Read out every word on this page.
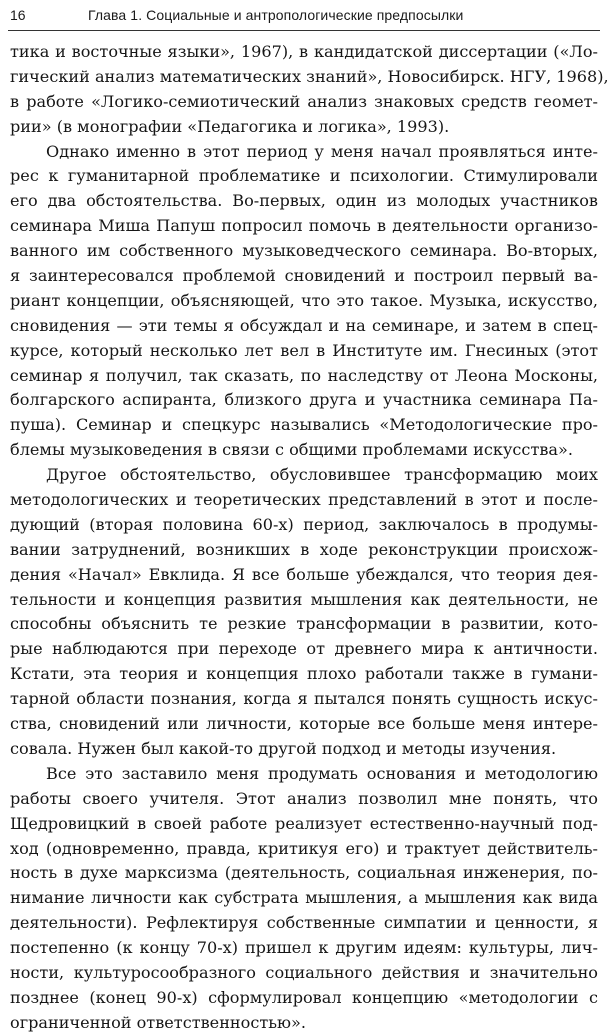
16	Глава 1. Социальные и антропологические предпосылки
тика и восточные языки», 1967), в кандидатской диссертации («Ло-
гический анализ математических знаний», Новосибирск. НГУ, 1968),
в работе «Логико-семиотический анализ знаковых средств геомет-
рии» (в монографии «Педагогика и логика», 1993).
Однако именно в этот период у меня начал проявляться инте-
рес к гуманитарной проблематике и психологии. Стимулировали
его два обстоятельства. Во-первых, один из молодых участников
семинара Миша Папуш попросил помочь в деятельности организо-
ванного им собственного музыковедческого семинара. Во-вторых,
я заинтересовался проблемой сновидений и построил первый ва-
риант концепции, объясняющей, что это такое. Музыка, искусство,
сновидения — эти темы я обсуждал и на семинаре, и затем в спец-
курсе, который несколько лет вел в Институте им. Гнесиных (этот
семинар я получил, так сказать, по наследству от Леона Москоны,
болгарского аспиранта, близкого друга и участника семинара Па-
пуша). Семинар и спецкурс назывались «Методологические про-
блемы музыковедения в связи с общими проблемами искусства».
Другое обстоятельство, обусловившее трансформацию моих
методологических и теоретических представлений в этот и после-
дующий (вторая половина 60-х) период, заключалось в продумы-
вании затруднений, возникших в ходе реконструкции происхож-
дения «Начал» Евклида. Я все больше убеждался, что теория дея-
тельности и концепция развития мышления как деятельности, не
способны объяснить те резкие трансформации в развитии, кото-
рые наблюдаются при переходе от древнего мира к античности.
Кстати, эта теория и концепция плохо работали также в гумани-
тарной области познания, когда я пытался понять сущность искус-
ства, сновидений или личности, которые все больше меня интере-
совала. Нужен был какой-то другой подход и методы изучения.
Все это заставило меня продумать основания и методологию
работы своего учителя. Этот анализ позволил мне понять, что
Щедровицкий в своей работе реализует естественно-научный под-
ход (одновременно, правда, критикуя его) и трактует действитель-
ность в духе марксизма (деятельность, социальная инженерия, по-
нимание личности как субстрата мышления, а мышления как вида
деятельности). Рефлектируя собственные симпатии и ценности, я
постепенно (к концу 70-х) пришел к другим идеям: культуры, лич-
ности, культуросообразного социального действия и значительно
позднее (конец 90-х) сформулировал концепцию «методологии с
ограниченной ответственностью».
